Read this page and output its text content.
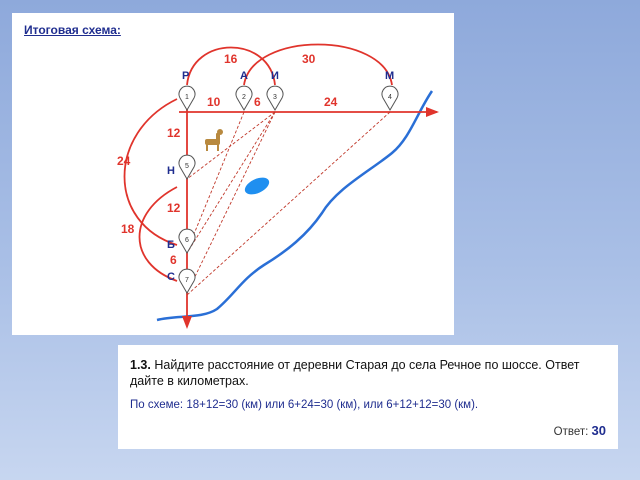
Итоговая схема:

1	2	3	4
5
6
7
Р	А И	М
Н
Б
С
16	30
10	6	24
12
12
6
24
18

1.3. Найдите расстояние от деревни Старая до села Речное по шоссе. Ответ дайте в километрах.

По схеме: 18+12=30 (км) или 6+24=30 (км), или 6+12+12=30 (км).

Ответ: 30
